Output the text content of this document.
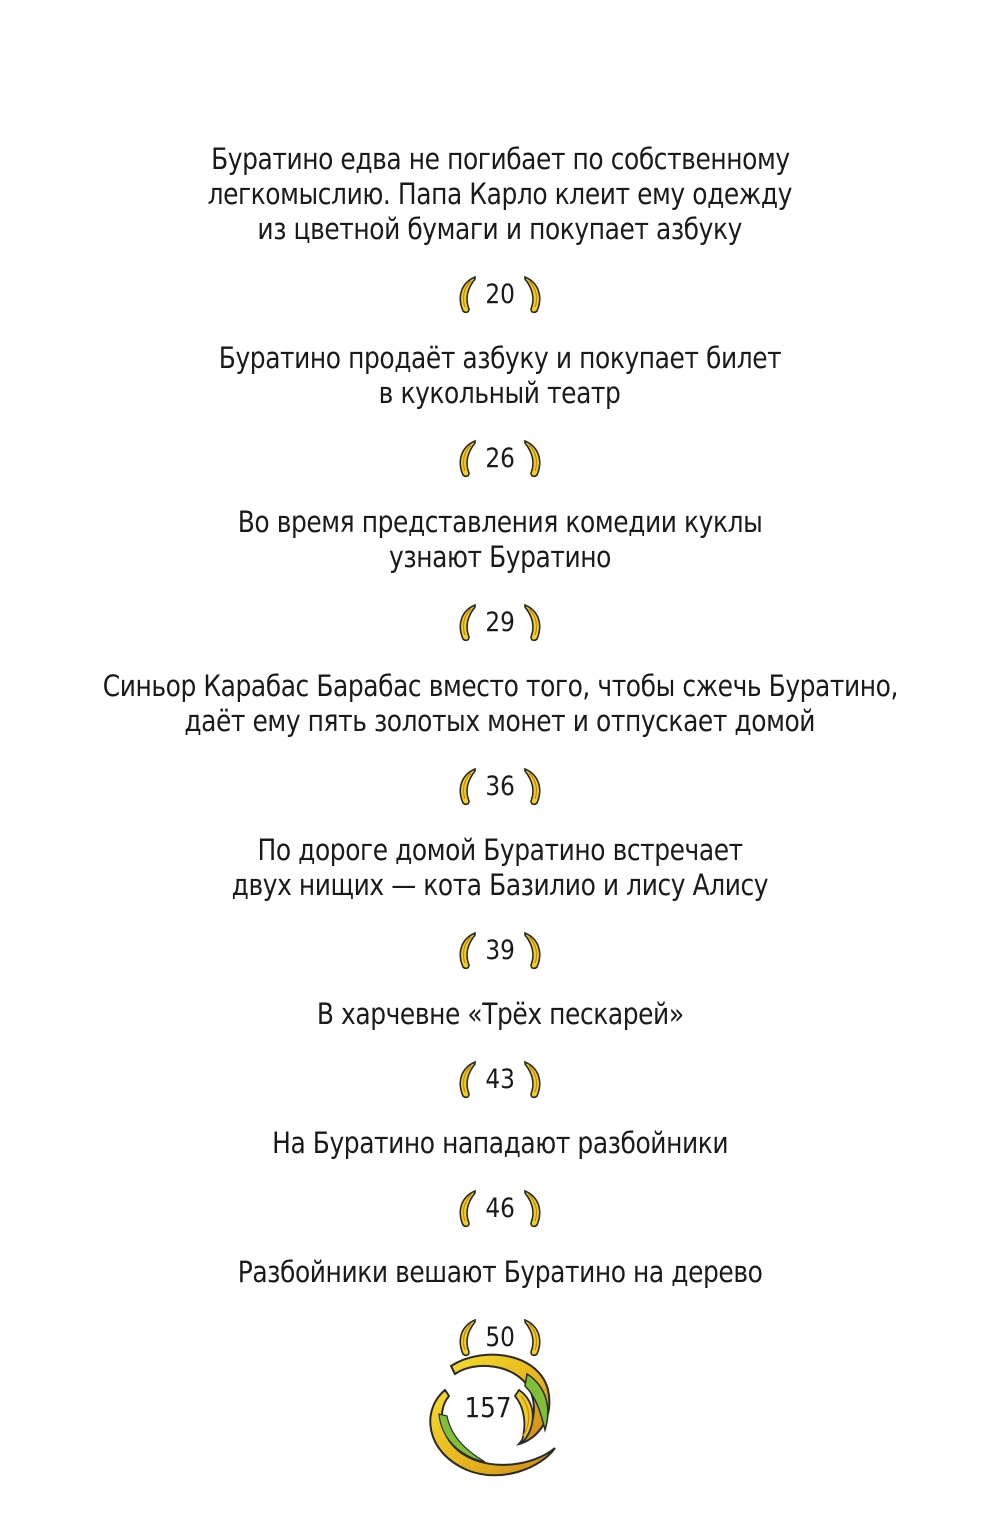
Буратино едва не погибает по собственному
легкомыслию. Папа Карло клеит ему одежду
из цветной бумаги и покупает азбуку
20
Буратино продаёт азбуку и покупает билет
в кукольный театр
26
Во время представления комедии куклы
узнают Буратино
29
Синьор Карабас Барабас вместо того, чтобы сжечь Буратино,
даёт ему пять золотых монет и отпускает домой
36
По дороге домой Буратино встречает
двух нищих — кота Базилио и лису Алису
39
В харчевне «Трёх пескарей»
43
На Буратино нападают разбойники
46
Разбойники вешают Буратино на дерево
50
157
